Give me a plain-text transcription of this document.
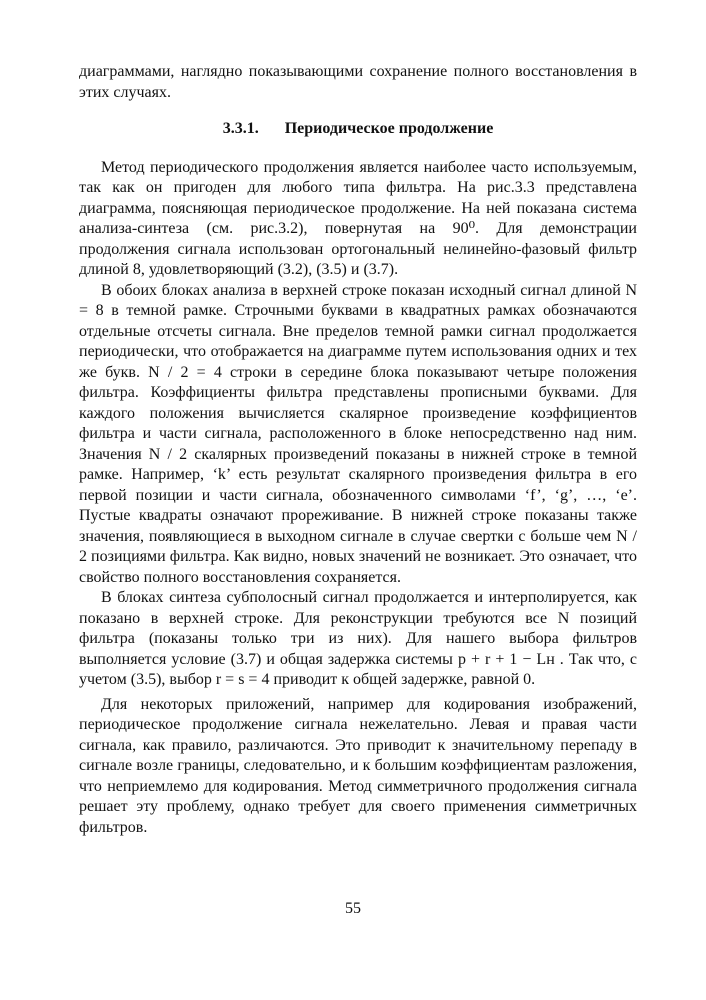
диаграммами, наглядно показывающими сохранение полного восстановления в этих случаях.

3.3.1. Периодическое продолжение

Метод периодического продолжения является наиболее часто используемым, так как он пригоден для любого типа фильтра. На рис.3.3 представлена диаграмма, поясняющая периодическое продолжение. На ней показана система анализа-синтеза (см. рис.3.2), повернутая на 90⁰. Для демонстрации продолжения сигнала использован ортогональный нелинейно-фазовый фильтр длиной 8, удовлетворяющий (3.2), (3.5) и (3.7).

В обоих блоках анализа в верхней строке показан исходный сигнал длиной N = 8 в темной рамке. Строчными буквами в квадратных рамках обозначаются отдельные отсчеты сигнала. Вне пределов темной рамки сигнал продолжается периодически, что отображается на диаграмме путем использования одних и тех же букв. N / 2 = 4 строки в середине блока показывают четыре положения фильтра. Коэффициенты фильтра представлены прописными буквами. Для каждого положения вычисляется скалярное произведение коэффициентов фильтра и части сигнала, расположенного в блоке непосредственно над ним. Значения N / 2 скалярных произведений показаны в нижней строке в темной рамке. Например, ‘k’ есть результат скалярного произведения фильтра в его первой позиции и части сигнала, обозначенного символами ‘f’, ‘g’, …, ‘e’. Пустые квадраты означают прореживание. В нижней строке показаны также значения, появляющиеся в выходном сигнале в случае свертки с больше чем N / 2 позициями фильтра. Как видно, новых значений не возникает. Это означает, что свойство полного восстановления сохраняется.

В блоках синтеза субполосный сигнал продолжается и интерполируется, как показано в верхней строке. Для реконструкции требуются все N позиций фильтра (показаны только три из них). Для нашего выбора фильтров выполняется условие (3.7) и общая задержка системы p + r + 1 − Lн . Так что, с учетом (3.5), выбор r = s = 4 приводит к общей задержке, равной 0.

Для некоторых приложений, например для кодирования изображений, периодическое продолжение сигнала нежелательно. Левая и правая части сигнала, как правило, различаются. Это приводит к значительному перепаду в сигнале возле границы, следовательно, и к большим коэффициентам разложения, что неприемлемо для кодирования. Метод симметричного продолжения сигнала решает эту проблему, однако требует для своего применения симметричных фильтров.

55
